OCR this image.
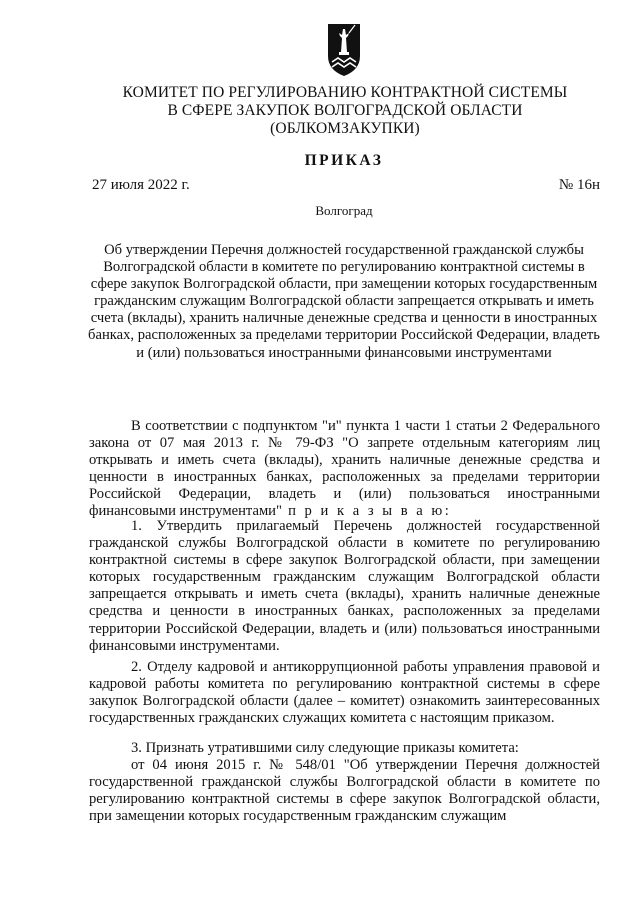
КОМИТЕТ ПО РЕГУЛИРОВАНИЮ КОНТРАКТНОЙ СИСТЕМЫ
В СФЕРЕ ЗАКУПОК ВОЛГОГРАДСКОЙ ОБЛАСТИ
(ОБЛКОМЗАКУПКИ)
ПРИКАЗ
27 июля 2022 г.	№ 16н
Волгоград
Об утверждении Перечня должностей государственной гражданской службы Волгоградской области в комитете по регулированию контрактной системы в сфере закупок Волгоградской области, при замещении которых государственным гражданским служащим Волгоградской области запрещается открывать и иметь счета (вклады), хранить наличные денежные средства и ценности в иностранных банках, расположенных за пределами территории Российской Федерации, владеть и (или) пользоваться иностранными финансовыми инструментами
В соответствии с подпунктом "и" пункта 1 части 1 статьи 2 Федерального закона от 07 мая 2013 г. № 79-ФЗ "О запрете отдельным категориям лиц открывать и иметь счета (вклады), хранить наличные денежные средства и ценности в иностранных банках, расположенных за пределами территории Российской Федерации, владеть и (или) пользоваться иностранными финансовыми инструментами" п р и к а з ы в а ю:
1. Утвердить прилагаемый Перечень должностей государственной гражданской службы Волгоградской области в комитете по регулированию контрактной системы в сфере закупок Волгоградской области, при замещении которых государственным гражданским служащим Волгоградской области запрещается открывать и иметь счета (вклады), хранить наличные денежные средства и ценности в иностранных банках, расположенных за пределами территории Российской Федерации, владеть и (или) пользоваться иностранными финансовыми инструментами.
2. Отделу кадровой и антикоррупционной работы управления правовой и кадровой работы комитета по регулированию контрактной системы в сфере закупок Волгоградской области (далее – комитет) ознакомить заинтересованных государственных гражданских служащих комитета с настоящим приказом.
3. Признать утратившими силу следующие приказы комитета:
от 04 июня 2015 г. № 548/01 "Об утверждении Перечня должностей государственной гражданской службы Волгоградской области в комитете по регулированию контрактной системы в сфере закупок Волгоградской области, при замещении которых государственным гражданским служащим
